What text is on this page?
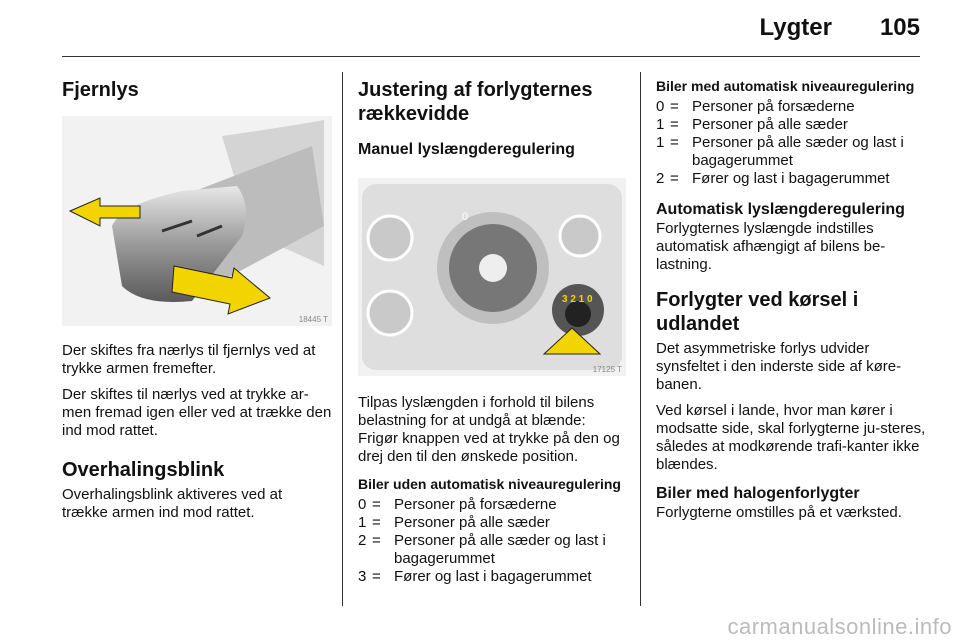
Lygter 105
Fjernlys
18445 T

Der skiftes fra nærlys til fjernlys ved at trykke armen fremefter.

Der skiftes til nærlys ved at trykke ar-men fremad igen eller ved at trække den ind mod rattet.

Overhalingsblink

Overhalingsblink aktiveres ved at trække armen ind mod rattet.

Justering af forlygternes rækkevidde
Manuel lyslængderegulering
0
3 2 1 0
17125 T

Tilpas lyslængden i forhold til bilens belastning for at undgå at blænde: Frigør knappen ved at trykke på den og drej den til den ønskede position.

Biler uden automatisk niveauregulering
0 = Personer på forsæderne
1 = Personer på alle sæder
2 = Personer på alle sæder og last i bagagerummet
3 = Fører og last i bagagerummet
Biler med automatisk niveauregulering
0 = Personer på forsæderne
1 = Personer på alle sæder
1 = Personer på alle sæder og last i bagagerummet
2 = Fører og last i bagagerummet
Automatisk lyslængderegulering

Forlygternes lyslængde indstilles automatisk afhængigt af bilens be-lastning.

Forlygter ved kørsel i udlandet

Det asymmetriske forlys udvider synsfeltet i den inderste side af køre-banen.

Ved kørsel i lande, hvor man kører i modsatte side, skal forlygterne ju-steres, således at modkørende trafi-kanter ikke blændes.

Biler med halogenforlygter

Forlygterne omstilles på et værksted.

carmanualsonline.info
